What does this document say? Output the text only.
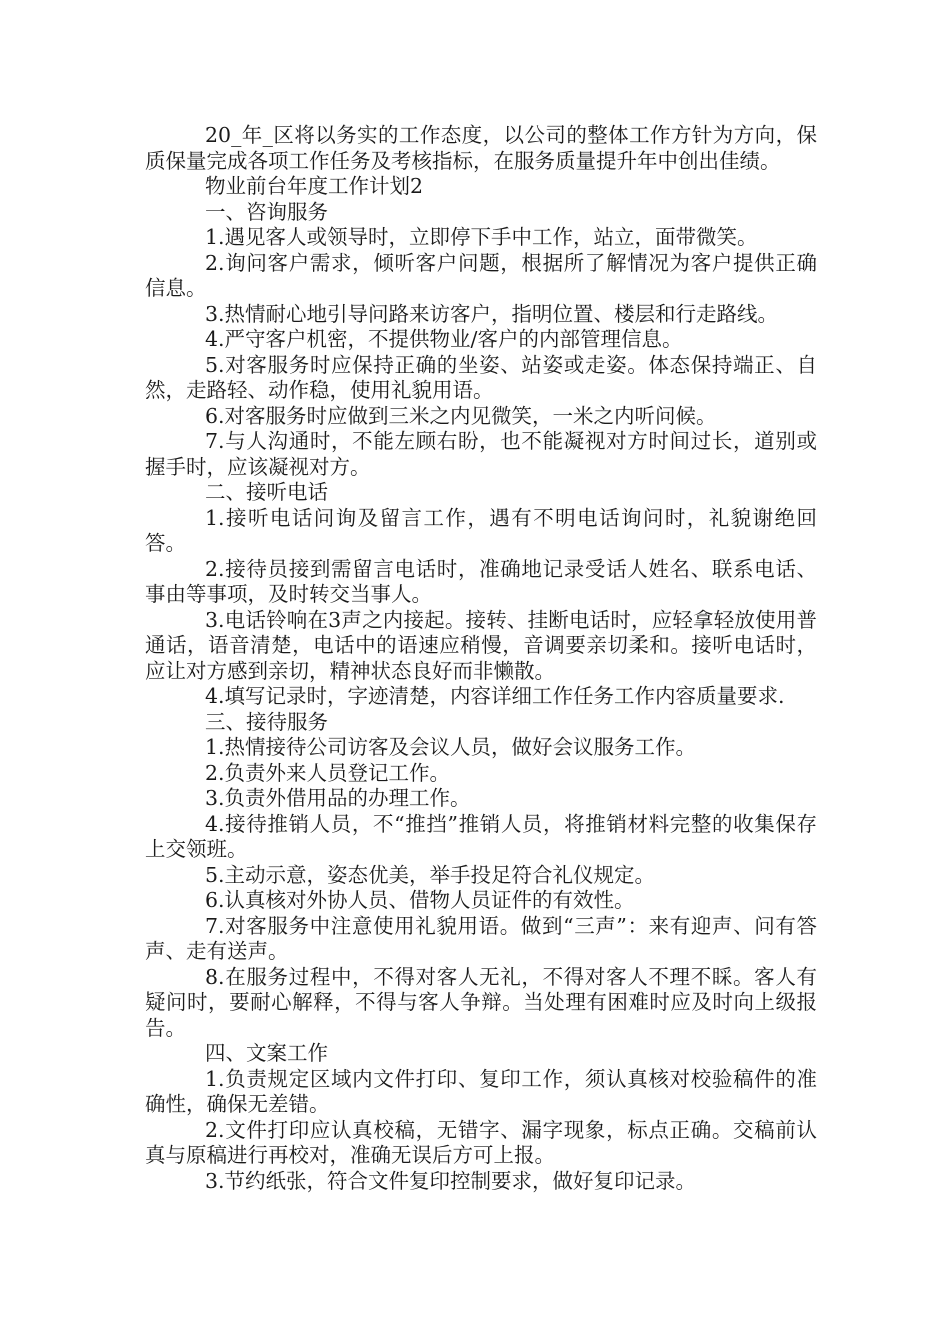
20_年_区将以务实的工作态度，以公司的整体工作方针为方向，保质保量完成各项工作任务及考核指标，在服务质量提升年中创出佳绩。

物业前台年度工作计划2

一、咨询服务

1.遇见客人或领导时，立即停下手中工作，站立，面带微笑。

2.询问客户需求，倾听客户问题，根据所了解情况为客户提供正确信息。

3.热情耐心地引导问路来访客户，指明位置、楼层和行走路线。

4.严守客户机密，不提供物业/客户的内部管理信息。

5.对客服务时应保持正确的坐姿、站姿或走姿。体态保持端正、自然，走路轻、动作稳，使用礼貌用语。

6.对客服务时应做到三米之内见微笑，一米之内听问候。

7.与人沟通时，不能左顾右盼，也不能凝视对方时间过长，道别或握手时，应该凝视对方。

二、接听电话

1.接听电话问询及留言工作，遇有不明电话询问时，礼貌谢绝回答。

2.接待员接到需留言电话时，准确地记录受话人姓名、联系电话、事由等事项，及时转交当事人。

3.电话铃响在3声之内接起。接转、挂断电话时，应轻拿轻放使用普通话，语音清楚，电话中的语速应稍慢，音调要亲切柔和。接听电话时，应让对方感到亲切，精神状态良好而非懒散。

4.填写记录时，字迹清楚，内容详细工作任务工作内容质量要求.

三、接待服务

1.热情接待公司访客及会议人员，做好会议服务工作。

2.负责外来人员登记工作。

3.负责外借用品的办理工作。

4.接待推销人员，不“推挡”推销人员，将推销材料完整的收集保存上交领班。

5.主动示意，姿态优美，举手投足符合礼仪规定。

6.认真核对外协人员、借物人员证件的有效性。

7.对客服务中注意使用礼貌用语。做到“三声”：来有迎声、问有答声、走有送声。

8.在服务过程中，不得对客人无礼，不得对客人不理不睬。客人有疑问时，要耐心解释，不得与客人争辩。当处理有困难时应及时向上级报告。

四、文案工作

1.负责规定区域内文件打印、复印工作，须认真核对校验稿件的准确性，确保无差错。

2.文件打印应认真校稿，无错字、漏字现象，标点正确。交稿前认真与原稿进行再校对，准确无误后方可上报。

3.节约纸张，符合文件复印控制要求，做好复印记录。
